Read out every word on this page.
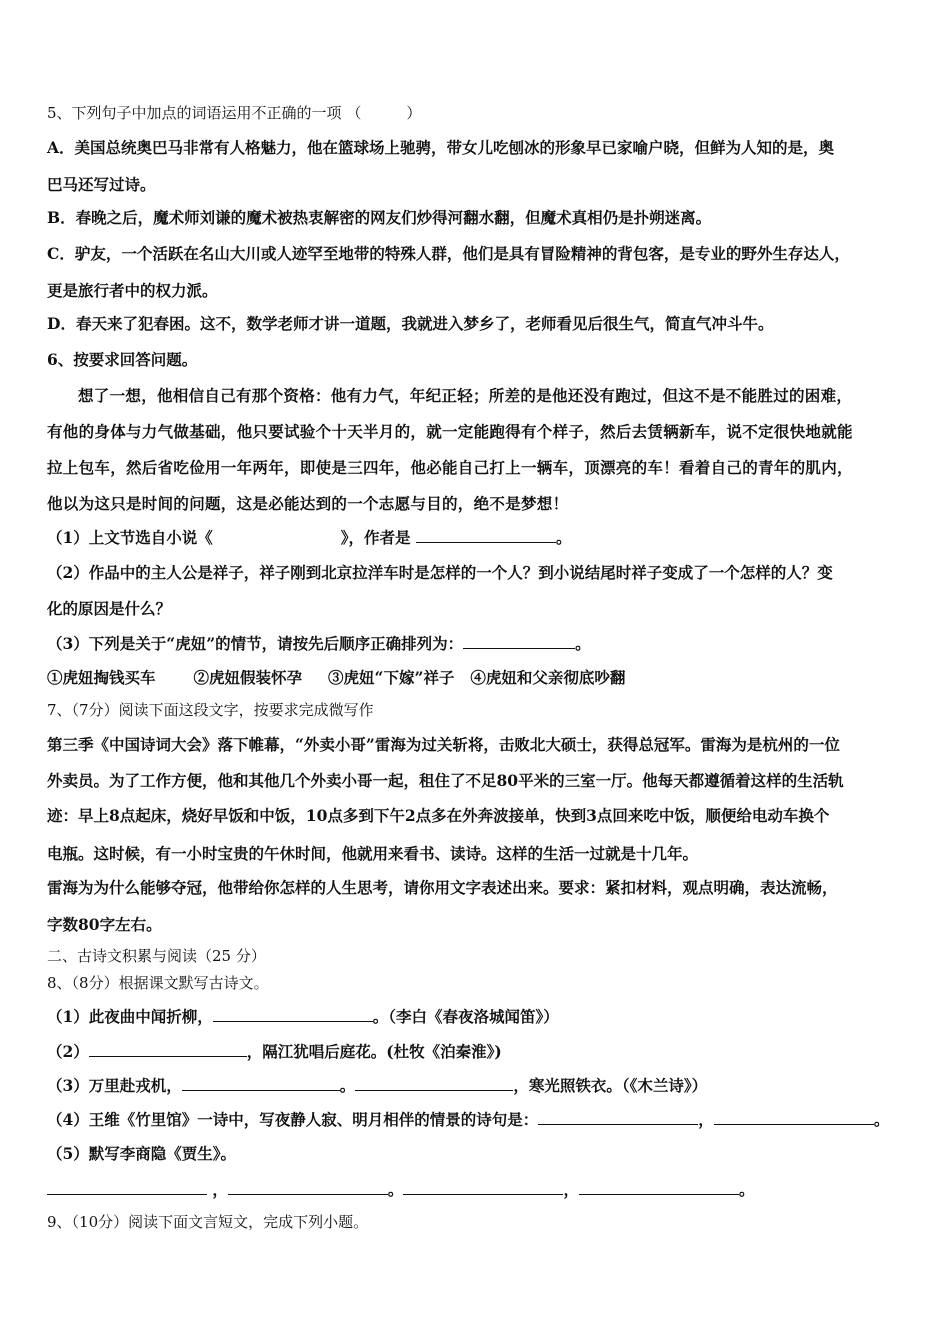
5、下列句子中加点的词语运用不正确的一项 （　　　）
A．美国总统奥巴马非常有人格魅力，他在篮球场上驰骋，带女儿吃刨冰的形象早已家喻户晓，但鲜为人知的是，奥
巴马还写过诗。
B．春晚之后，魔术师刘谦的魔术被热衷解密的网友们炒得河翻水翻，但魔术真相仍是扑朔迷离。
C．驴友，一个活跃在名山大川或人迹罕至地带的特殊人群，他们是具有冒险精神的背包客，是专业的野外生存达人，
更是旅行者中的权力派。
D．春天来了犯春困。这不，数学老师才讲一道题，我就进入梦乡了，老师看见后很生气，简直气冲斗牛。
6、按要求回答问题。
想了一想，他相信自己有那个资格：他有力气，年纪正轻；所差的是他还没有跑过，但这不是不能胜过的困难，
有他的身体与力气做基础，他只要试验个十天半月的，就一定能跑得有个样子，然后去赁辆新车，说不定很快地就能
拉上包车，然后省吃俭用一年两年，即使是三四年，他必能自己打上一辆车，顶漂亮的车！看着自己的青年的肌内，
他以为这只是时间的问题，这是必能达到的一个志愿与目的，绝不是梦想！
（1）上文节选自小说《	》，作者是	。
（2）作品中的主人公是祥子，祥子刚到北京拉洋车时是怎样的一个人？到小说结尾时祥子变成了一个怎样的人？变
化的原因是什么？
（3）下列是关于“虎妞”的情节，请按先后顺序正确排列为：	。
①虎妞掏钱买车 ②虎妞假装怀孕 ③虎妞“下嫁”祥子 ④虎妞和父亲彻底吵翻
7、（7分）阅读下面这段文字，按要求完成微写作
第三季《中国诗词大会》落下帷幕，“外卖小哥”雷海为过关斩将，击败北大硕士，获得总冠军。雷海为是杭州的一位
外卖员。为了工作方便，他和其他几个外卖小哥一起，租住了不足80平米的三室一厅。他每天都遵循着这样的生活轨
迹：早上8点起床，烧好早饭和中饭，10点多到下午2点多在外奔波接单，快到3点回来吃中饭，顺便给电动车换个
电瓶。这时候，有一小时宝贵的午休时间，他就用来看书、读诗。这样的生活一过就是十几年。
雷海为为什么能够夺冠，他带给你怎样的人生思考，请你用文字表述出来。要求：紧扣材料，观点明确，表达流畅，
字数80字左右。
二、古诗文积累与阅读（25 分）
8、（8分）根据课文默写古诗文。
（1）此夜曲中闻折柳，	。（李白《春夜洛城闻笛》）
（2）	，隔江犹唱后庭花。(杜牧《泊秦淮》)
（3）万里赴戎机，	。	，寒光照铁衣。（《木兰诗》）
（4）王维《竹里馆》一诗中，写夜静人寂、明月相伴的情景的诗句是：	，	。
（5）默写李商隐《贾生》。
，	。	，	。
9、（10分）阅读下面文言短文，完成下列小题。
